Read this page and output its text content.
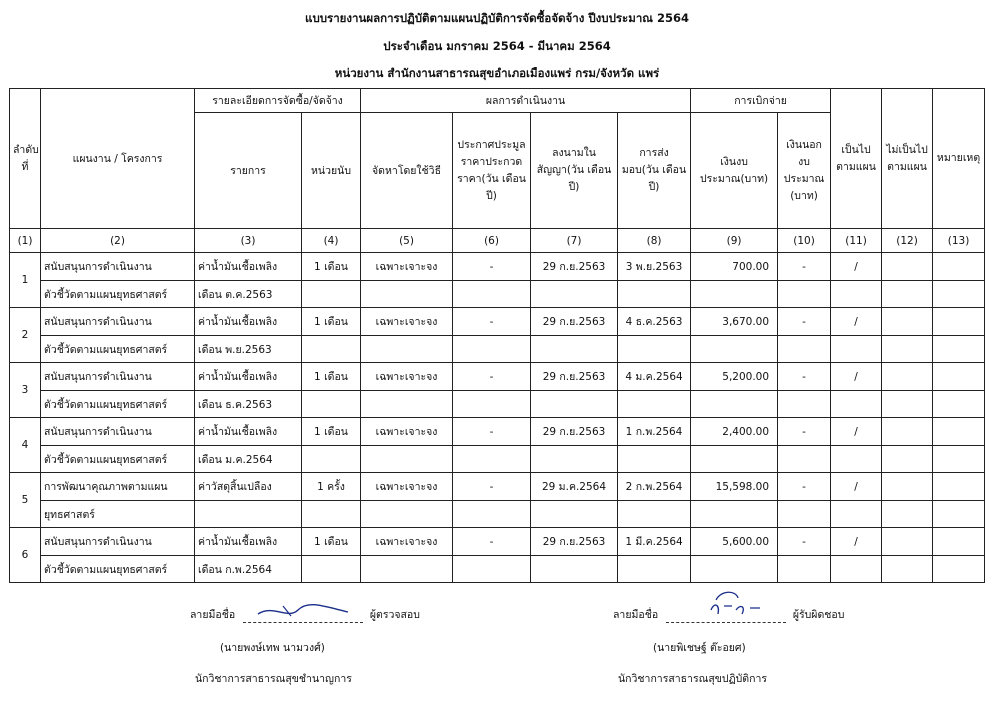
แบบรายงานผลการปฏิบัติตามแผนปฏิบัติการจัดซื้อจัดจ้าง ปีงบประมาณ 2564
ประจำเดือน มกราคม 2564 - มีนาคม 2564
หน่วยงาน สำนักงานสาธารณสุขอำเภอเมืองแพร่ กรม/จังหวัด แพร่
ลำดับที่	แผนงาน / โครงการ	รายละเอียดการจัดซื้อ/จัดจ้าง		ผลการดำเนินงาน				การเบิกจ่าย		เป็นไปตามแผน	ไม่เป็นไปตามแผน	หมายเหตุ
		รายการ	หน่วยนับ	จัดหาโดยใช้วิธี	ประกาศประมูลราคาประกวดราคา(วัน เดือน ปี)	ลงนามในสัญญา(วัน เดือน ปี)	การส่งมอบ(วัน เดือน ปี)	เงินงบประมาณ(บาท)	เงินนอกงบประมาณ (บาท)			
(1)	(2)	(3)	(4)	(5)	(6)	(7)	(8)	(9)	(10)	(11)	(12)	(13)
1	สนับสนุนการดำเนินงาน	ค่าน้ำมันเชื้อเพลิง	1 เดือน	เฉพาะเจาะจง	-	29 ก.ย.2563	3 พ.ย.2563	700.00	-	/		
	ตัวชี้วัดตามแผนยุทธศาสตร์	เดือน ต.ค.2563										
2	สนับสนุนการดำเนินงาน	ค่าน้ำมันเชื้อเพลิง	1 เดือน	เฉพาะเจาะจง	-	29 ก.ย.2563	4 ธ.ค.2563	3,670.00	-	/		
	ตัวชี้วัดตามแผนยุทธศาสตร์	เดือน พ.ย.2563										
3	สนับสนุนการดำเนินงาน	ค่าน้ำมันเชื้อเพลิง	1 เดือน	เฉพาะเจาะจง	-	29 ก.ย.2563	4 ม.ค.2564	5,200.00	-	/		
	ตัวชี้วัดตามแผนยุทธศาสตร์	เดือน ธ.ค.2563										
4	สนับสนุนการดำเนินงาน	ค่าน้ำมันเชื้อเพลิง	1 เดือน	เฉพาะเจาะจง	-	29 ก.ย.2563	1 ก.พ.2564	2,400.00	-	/		
	ตัวชี้วัดตามแผนยุทธศาสตร์	เดือน ม.ค.2564										
5	การพัฒนาคุณภาพตามแผน	ค่าวัสดุสิ้นเปลือง	1 ครั้ง	เฉพาะเจาะจง	-	29 ม.ค.2564	2 ก.พ.2564	15,598.00	-	/		
	ยุทธศาสตร์											
6	สนับสนุนการดำเนินงาน	ค่าน้ำมันเชื้อเพลิง	1 เดือน	เฉพาะเจาะจง	-	29 ก.ย.2563	1 มี.ค.2564	5,600.00	-	/		
	ตัวชี้วัดตามแผนยุทธศาสตร์	เดือน ก.พ.2564										
ลายมือชื่อ	ผู้ตรวจสอบ
(นายพงษ์เทพ นามวงศ์)
นักวิชาการสาธารณสุขชำนาญการ
ลายมือชื่อ	ผู้รับผิดชอบ
(นายพิเชษฐ์ ต๊ะอยศ)
นักวิชาการสาธารณสุขปฏิบัติการ
